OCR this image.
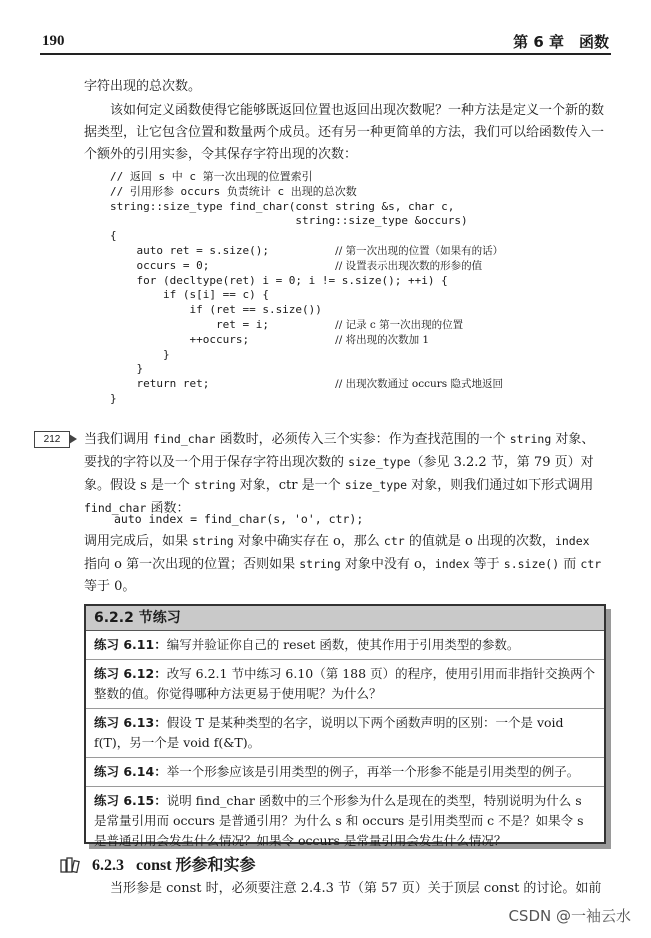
190	第 6 章　函数

字符出现的总次数。

该如何定义函数使得它能够既返回位置也返回出现次数呢？一种方法是定义一个新的数据类型，让它包含位置和数量两个成员。还有另一种更简单的方法，我们可以给函数传入一个额外的引用实参，令其保存字符出现的次数：

// 返回 s 中 c 第一次出现的位置索引
// 引用形参 occurs 负责统计 c 出现的总次数
string::size_type find_char(const string &s, char c,
string::size_type &occurs)
{
auto ret = s.size();          // 第一次出现的位置（如果有的话）
occurs = 0;                   // 设置表示出现次数的形参的值
for (decltype(ret) i = 0; i != s.size(); ++i) {
if (s[i] == c) {
if (ret == s.size())
ret = i;          // 记录 c 第一次出现的位置
++occurs;             // 将出现的次数加 1
}
}
return ret;                   // 出现次数通过 occurs 隐式地返回
}
212	当我们调用 find_char 函数时，必须传入三个实参：作为查找范围的一个 string 对象、要找的字符以及一个用于保存字符出现次数的 size_type（参见 3.2.2 节，第 79 页）对象。假设 s 是一个 string 对象，ctr 是一个 size_type 对象，则我们通过如下形式调用 find_char 函数：

auto index = find_char(s, 'o', ctr);

调用完成后，如果 string 对象中确实存在 o，那么 ctr 的值就是 o 出现的次数，index 指向 o 第一次出现的位置；否则如果 string 对象中没有 o，index 等于 s.size() 而 ctr 等于 0。

6.2.2 节练习

练习 6.11：编写并验证你自己的 reset 函数，使其作用于引用类型的参数。

练习 6.12：改写 6.2.1 节中练习 6.10（第 188 页）的程序，使用引用而非指针交换两个整数的值。你觉得哪种方法更易于使用呢？为什么？

练习 6.13：假设 T 是某种类型的名字，说明以下两个函数声明的区别：一个是 void f(T)，另一个是 void f(&T)。

练习 6.14：举一个形参应该是引用类型的例子，再举一个形参不能是引用类型的例子。

练习 6.15：说明 find_char 函数中的三个形参为什么是现在的类型，特别说明为什么 s 是常量引用而 occurs 是普通引用？为什么 s 和 occurs 是引用类型而 c 不是？如果令 s 是普通引用会发生什么情况？如果令 occurs 是常量引用会发生什么情况？

6.2.3 const 形参和实参

当形参是 const 时，必须要注意 2.4.3 节（第 57 页）关于顶层 const 的讨论。如前

CSDN @一袖云水
